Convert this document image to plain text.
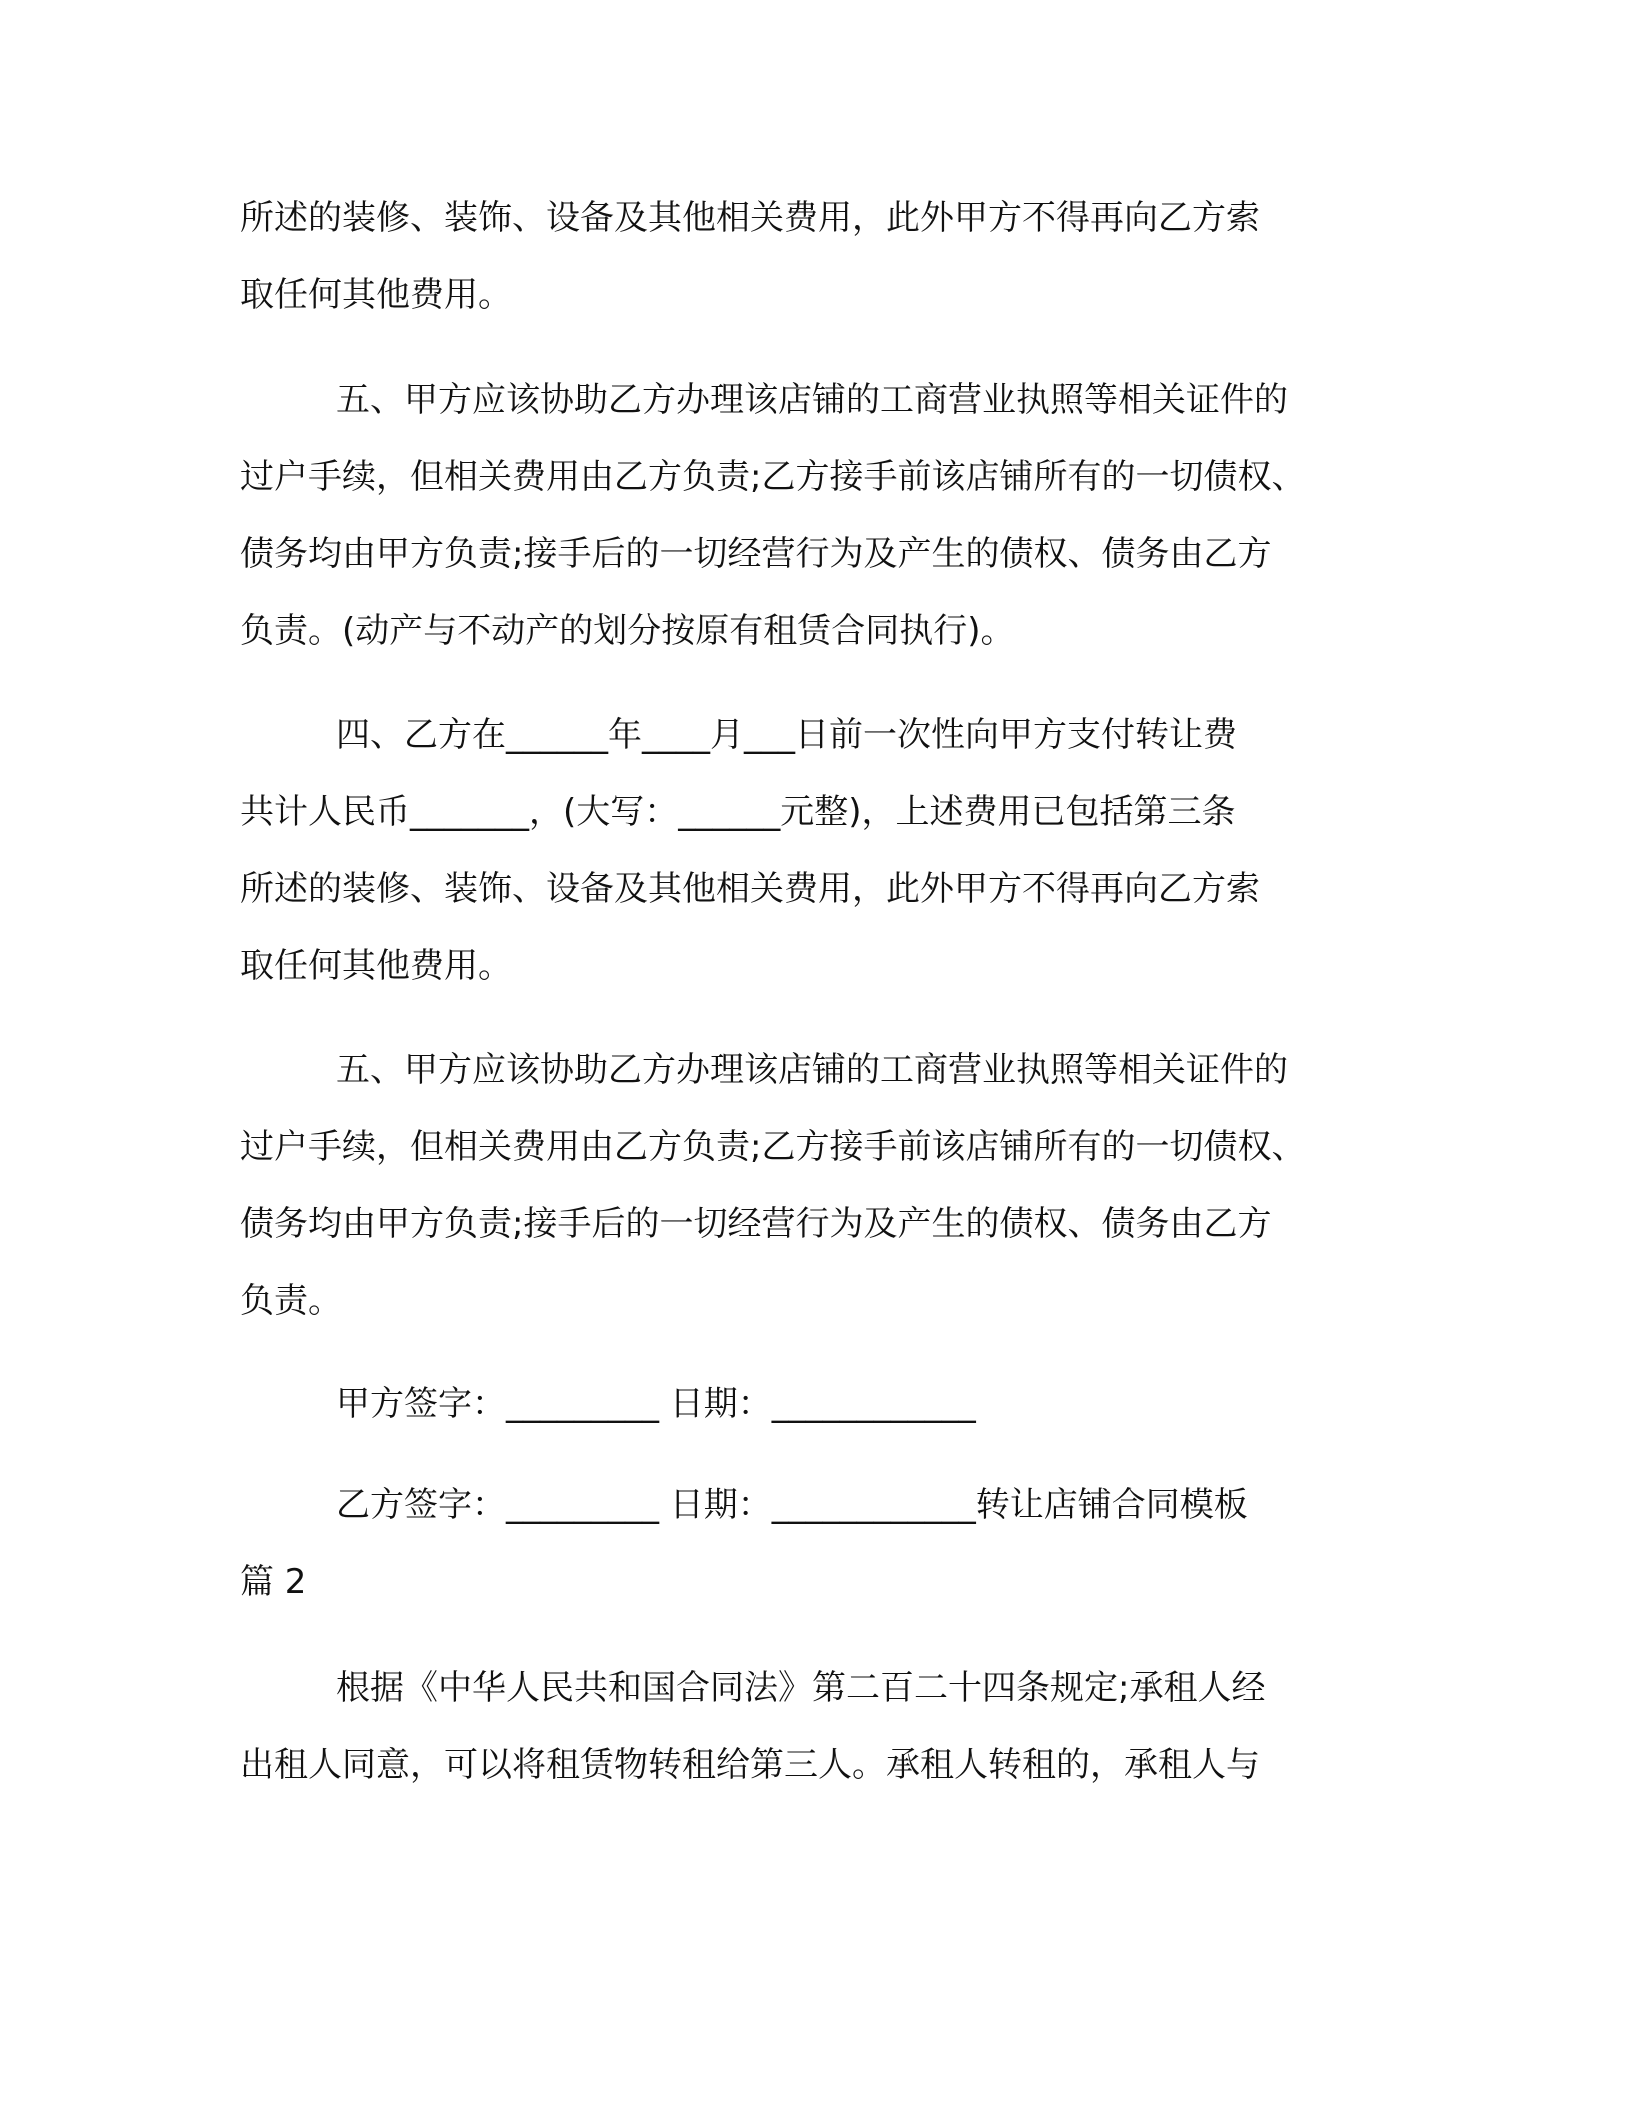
所述的装修、装饰、设备及其他相关费用，此外甲方不得再向乙方索
取任何其他费用。
五、甲方应该协助乙方办理该店铺的工商营业执照等相关证件的
过户手续，但相关费用由乙方负责;乙方接手前该店铺所有的一切债权、
债务均由甲方负责;接手后的一切经营行为及产生的债权、债务由乙方
负责。(动产与不动产的划分按原有租赁合同执行)。
四、乙方在______年____月___日前一次性向甲方支付转让费
共计人民币_______，(大写：______元整)，上述费用已包括第三条
所述的装修、装饰、设备及其他相关费用，此外甲方不得再向乙方索
取任何其他费用。
五、甲方应该协助乙方办理该店铺的工商营业执照等相关证件的
过户手续，但相关费用由乙方负责;乙方接手前该店铺所有的一切债权、
债务均由甲方负责;接手后的一切经营行为及产生的债权、债务由乙方
负责。
甲方签字：_________ 日期：____________
乙方签字：_________ 日期：____________转让店铺合同模板
篇 2
根据《中华人民共和国合同法》第二百二十四条规定;承租人经
出租人同意，可以将租赁物转租给第三人。承租人转租的，承租人与
